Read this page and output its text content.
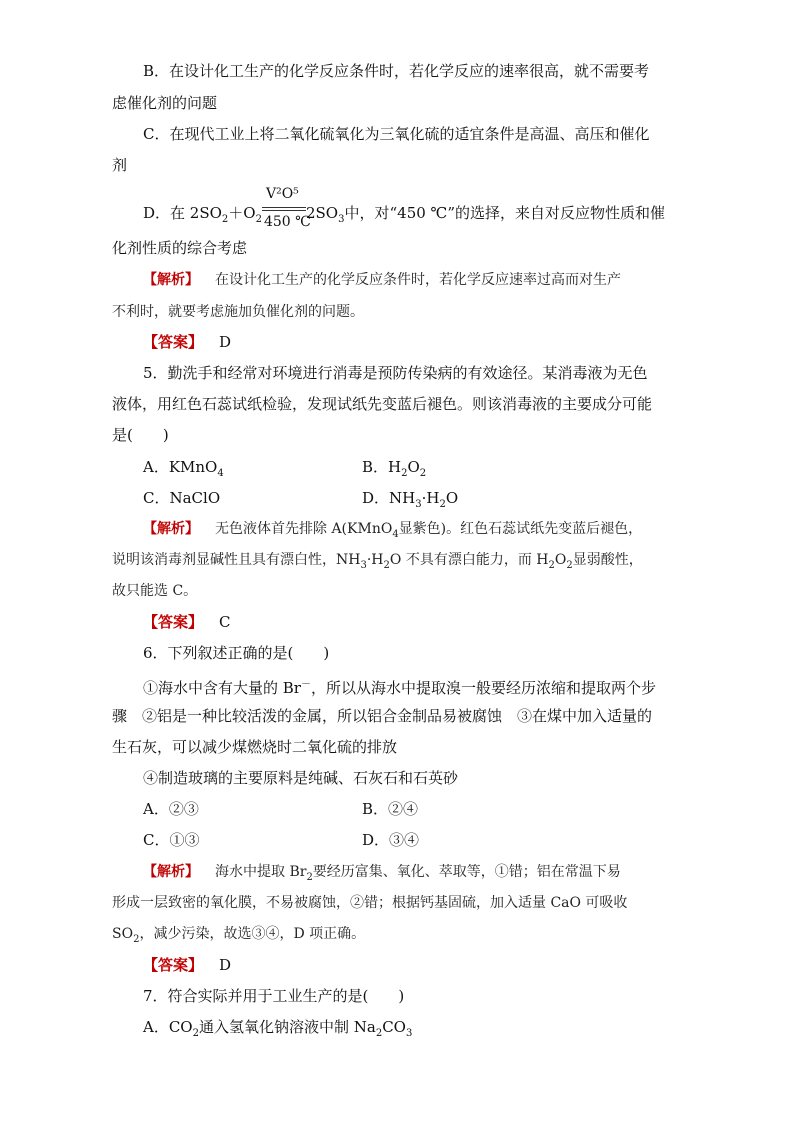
B．在设计化工生产的化学反应条件时，若化学反应的速率很高，就不需要考
虑催化剂的问题
C．在现代工业上将二氧化硫氧化为三氧化硫的适宜条件是高温、高压和催化
剂
D．在 $2SO_2+O_2$
$\frac{\text{V²O⁵}}{450 ℃} 2SO_3$中，对“450 ℃”的选择，来自对反应物性质和催
化剂性质的综合考虑
【解析】 在设计化工生产的化学反应条件时，若化学反应速率过高而对生产
不利时，就要考虑施加负催化剂的问题。
【答案】 D
5．勤洗手和经常对环境进行消毒是预防传染病的有效途径。某消毒液为无色
液体，用红色石蕊试纸检验，发现试纸先变蓝后褪色。则该消毒液的主要成分可能
是(　　)
A．KMnO$_4$	B．$H_2O_2$
C．NaClO	D．$NH_3\cdot H_2O$
【解析】 无色液体首先排除 A(KMnO$_4$显紫色)。红色石蕊试纸先变蓝后褪色，
说明该消毒剂显碱性且具有漂白性，$NH_3\cdot H_2O$ 不具有漂白能力，而 $H_2O_2$显弱酸性，
故只能选 C。
【答案】 C
6．下列叙述正确的是(　　)
①海水中含有大量的 Br－，所以从海水中提取溴一般要经历浓缩和提取两个步
骤　②铝是一种比较活泼的金属，所以铝合金制品易被腐蚀　③在煤中加入适量的
生石灰，可以减少煤燃烧时二氧化硫的排放
④制造玻璃的主要原料是纯碱、石灰石和石英砂
A．②③	B．②④
C．①③	D．③④
【解析】 海水中提取 $Br_2$要经历富集、氧化、萃取等，①错；铝在常温下易
形成一层致密的氧化膜，不易被腐蚀，②错；根据钙基固硫，加入适量 CaO 可吸收
$SO_2$，减少污染，故选③④，D 项正确。
【答案】 D
7．符合实际并用于工业生产的是(　　)
A．$CO_2$通入氢氧化钠溶液中制 $Na_2CO_3$
